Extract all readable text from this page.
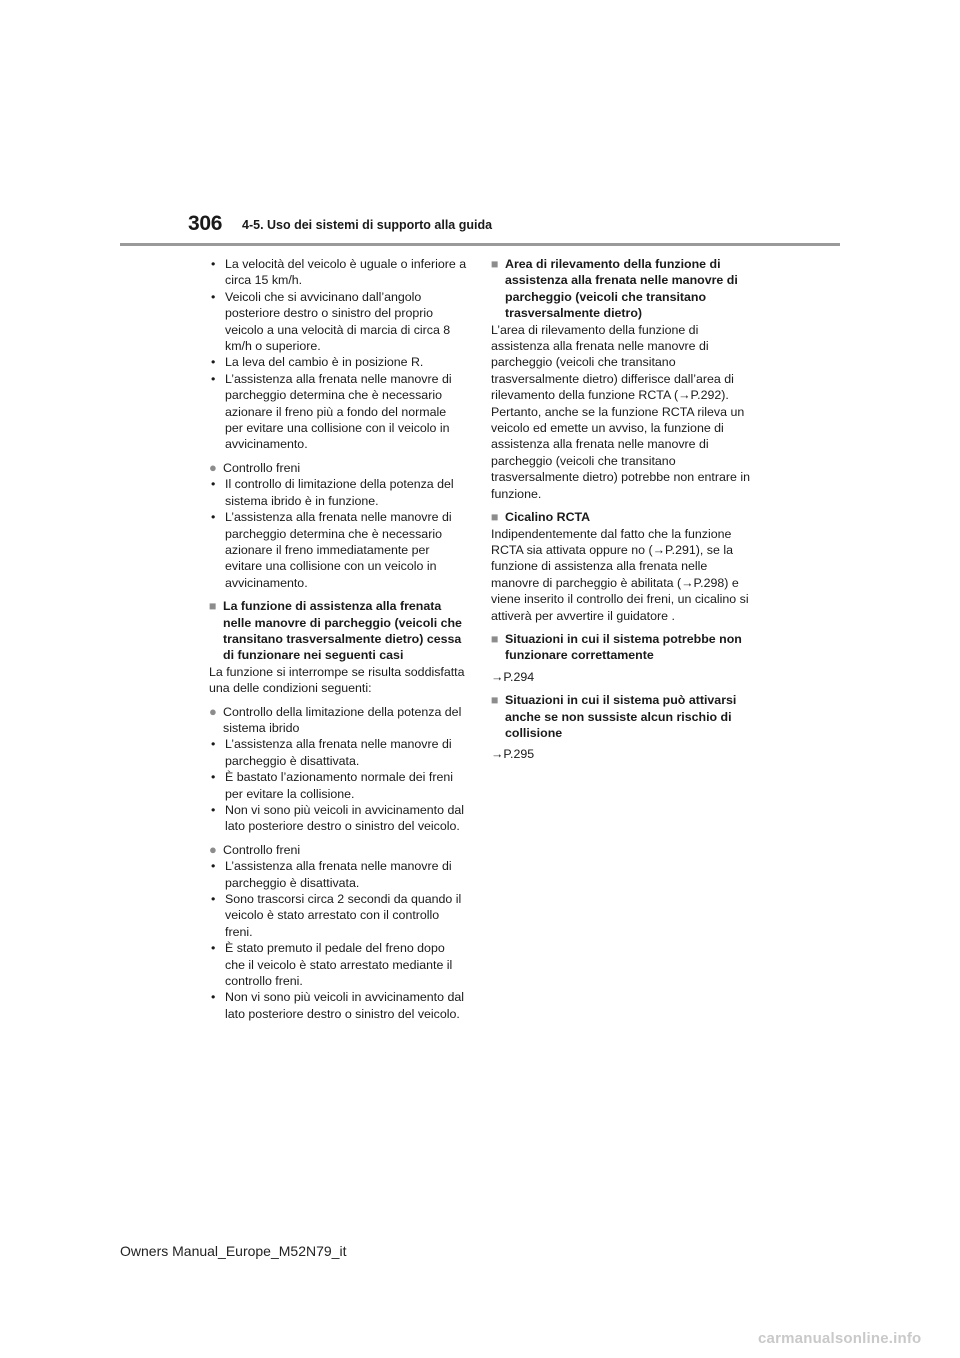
306 4-5. Uso dei sistemi di supporto alla guida
• La velocità del veicolo è uguale o inferiore a circa 15 km/h.
• Veicoli che si avvicinano dall’angolo posteriore destro o sinistro del proprio veicolo a una velocità di marcia di circa 8 km/h o superiore.
• La leva del cambio è in posizione R.
• L’assistenza alla frenata nelle manovre di parcheggio determina che è necessario azionare il freno più a fondo del normale per evitare una collisione con il veicolo in avvicinamento.
● Controllo freni
• Il controllo di limitazione della potenza del sistema ibrido è in funzione.
• L’assistenza alla frenata nelle manovre di parcheggio determina che è necessario azionare il freno immediatamente per evitare una collisione con un veicolo in avvicinamento.
■ La funzione di assistenza alla frenata nelle manovre di parcheggio (veicoli che transitano trasversalmente dietro) cessa di funzionare nei seguenti casi
La funzione si interrompe se risulta soddisfatta una delle condizioni seguenti:
● Controllo della limitazione della potenza del sistema ibrido
• L’assistenza alla frenata nelle manovre di parcheggio è disattivata.
• È bastato l’azionamento normale dei freni per evitare la collisione.
• Non vi sono più veicoli in avvicinamento dal lato posteriore destro o sinistro del veicolo.
● Controllo freni
• L’assistenza alla frenata nelle manovre di parcheggio è disattivata.
• Sono trascorsi circa 2 secondi da quando il veicolo è stato arrestato con il controllo freni.
• È stato premuto il pedale del freno dopo che il veicolo è stato arrestato mediante il controllo freni.
• Non vi sono più veicoli in avvicinamento dal lato posteriore destro o sinistro del veicolo.
■ Area di rilevamento della funzione di assistenza alla frenata nelle manovre di parcheggio (veicoli che transitano trasversalmente dietro)
L’area di rilevamento della funzione di assistenza alla frenata nelle manovre di parcheggio (veicoli che transitano trasversalmente dietro) differisce dall’area di rilevamento della funzione RCTA (→P.292). Pertanto, anche se la funzione RCTA rileva un veicolo ed emette un avviso, la funzione di assistenza alla frenata nelle manovre di parcheggio (veicoli che transitano trasversalmente dietro) potrebbe non entrare in funzione.
■ Cicalino RCTA
Indipendentemente dal fatto che la funzione RCTA sia attivata oppure no (→P.291), se la funzione di assistenza alla frenata nelle manovre di parcheggio è abilitata (→P.298) e viene inserito il controllo dei freni, un cicalino si attiverà per avvertire il guidatore .
■ Situazioni in cui il sistema potrebbe non funzionare correttamente
→P.294
■ Situazioni in cui il sistema può attivarsi anche se non sussiste alcun rischio di collisione
→P.295
Owners Manual_Europe_M52N79_it
carmanualsonline.info
